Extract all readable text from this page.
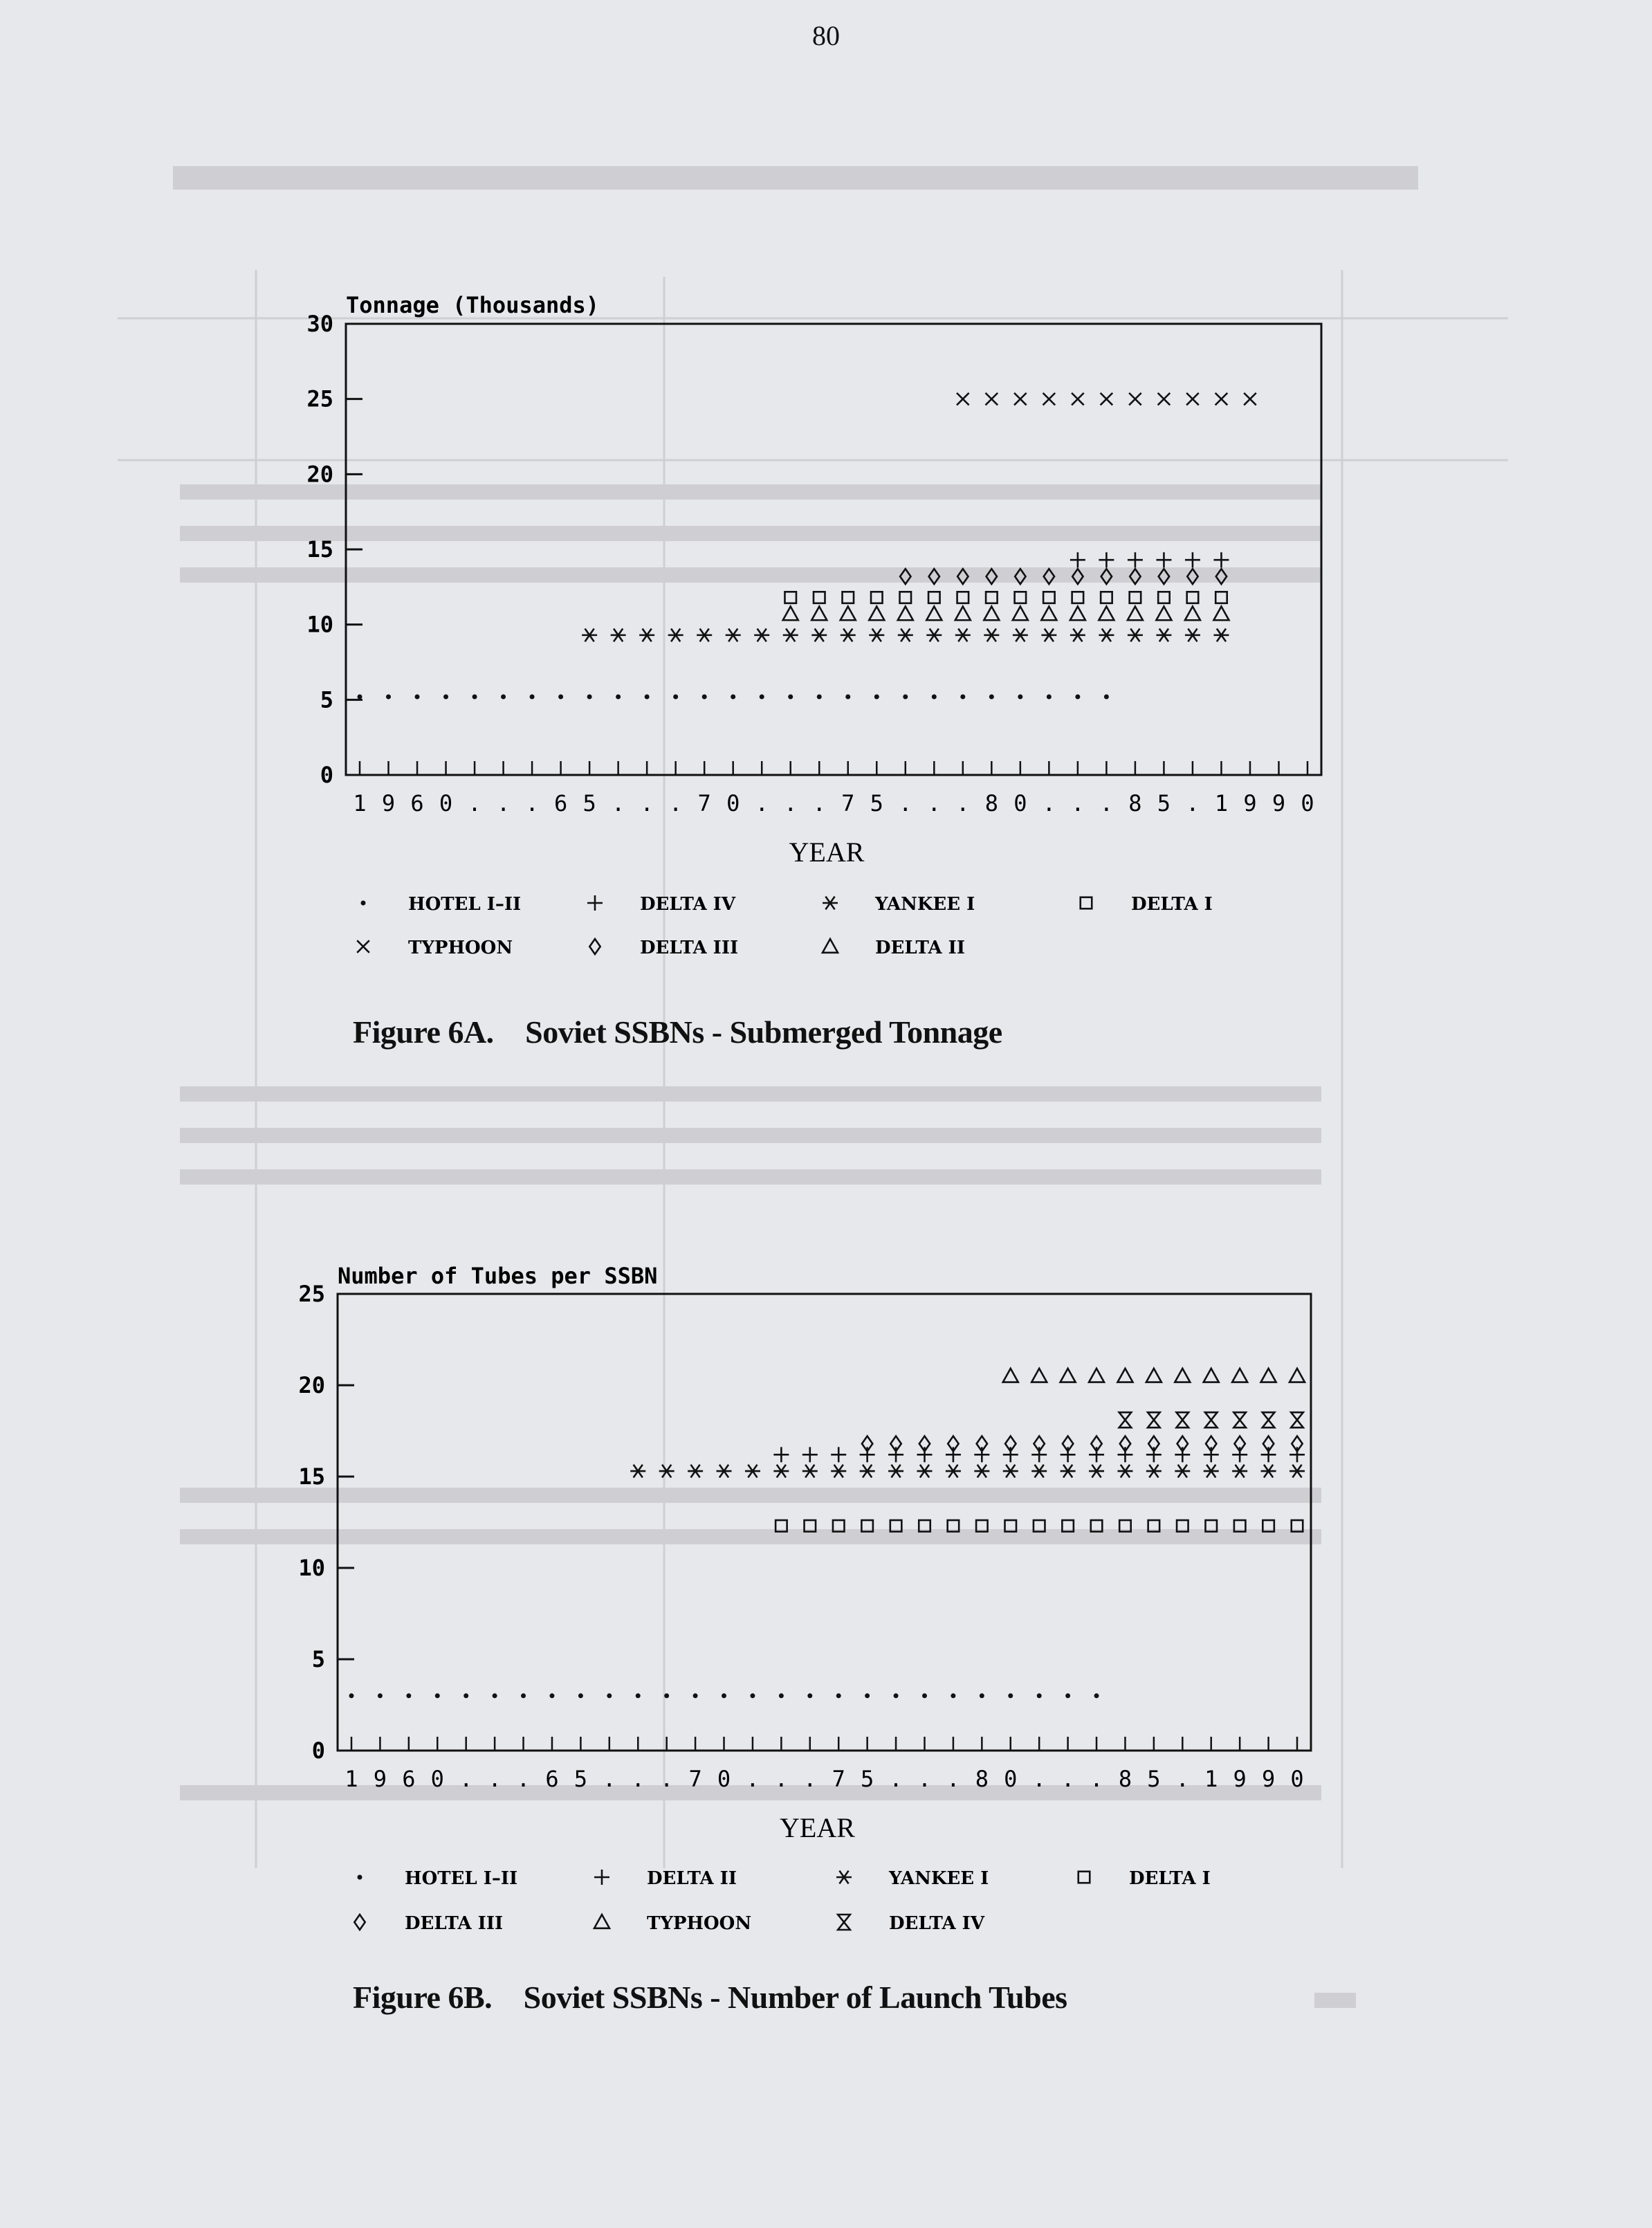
80
Tonnage (Thousands)
0
5
10
15
20
25
30
1 9 6 0 . . . 6 5 . . . 7 0 . . . 7 5 . . . 8 0 . . . 8 5 . 1 9 9 0
YEAR
HOTEL I–II	DELTA IV	YANKEE I	DELTA I
TYPHOON	DELTA III	DELTA II
Figure 6A. Soviet SSBNs - Submerged Tonnage
Number of Tubes per SSBN
0
5
10
15
20
25
1 9 6 0 . . . 6 5 . . . 7 0 . . . 7 5 . . . 8 0 . . . 8 5 . 1 9 9 0
YEAR
HOTEL I–II	DELTA II	YANKEE I	DELTA I
DELTA III	TYPHOON	DELTA IV
Figure 6B. Soviet SSBNs - Number of Launch Tubes
